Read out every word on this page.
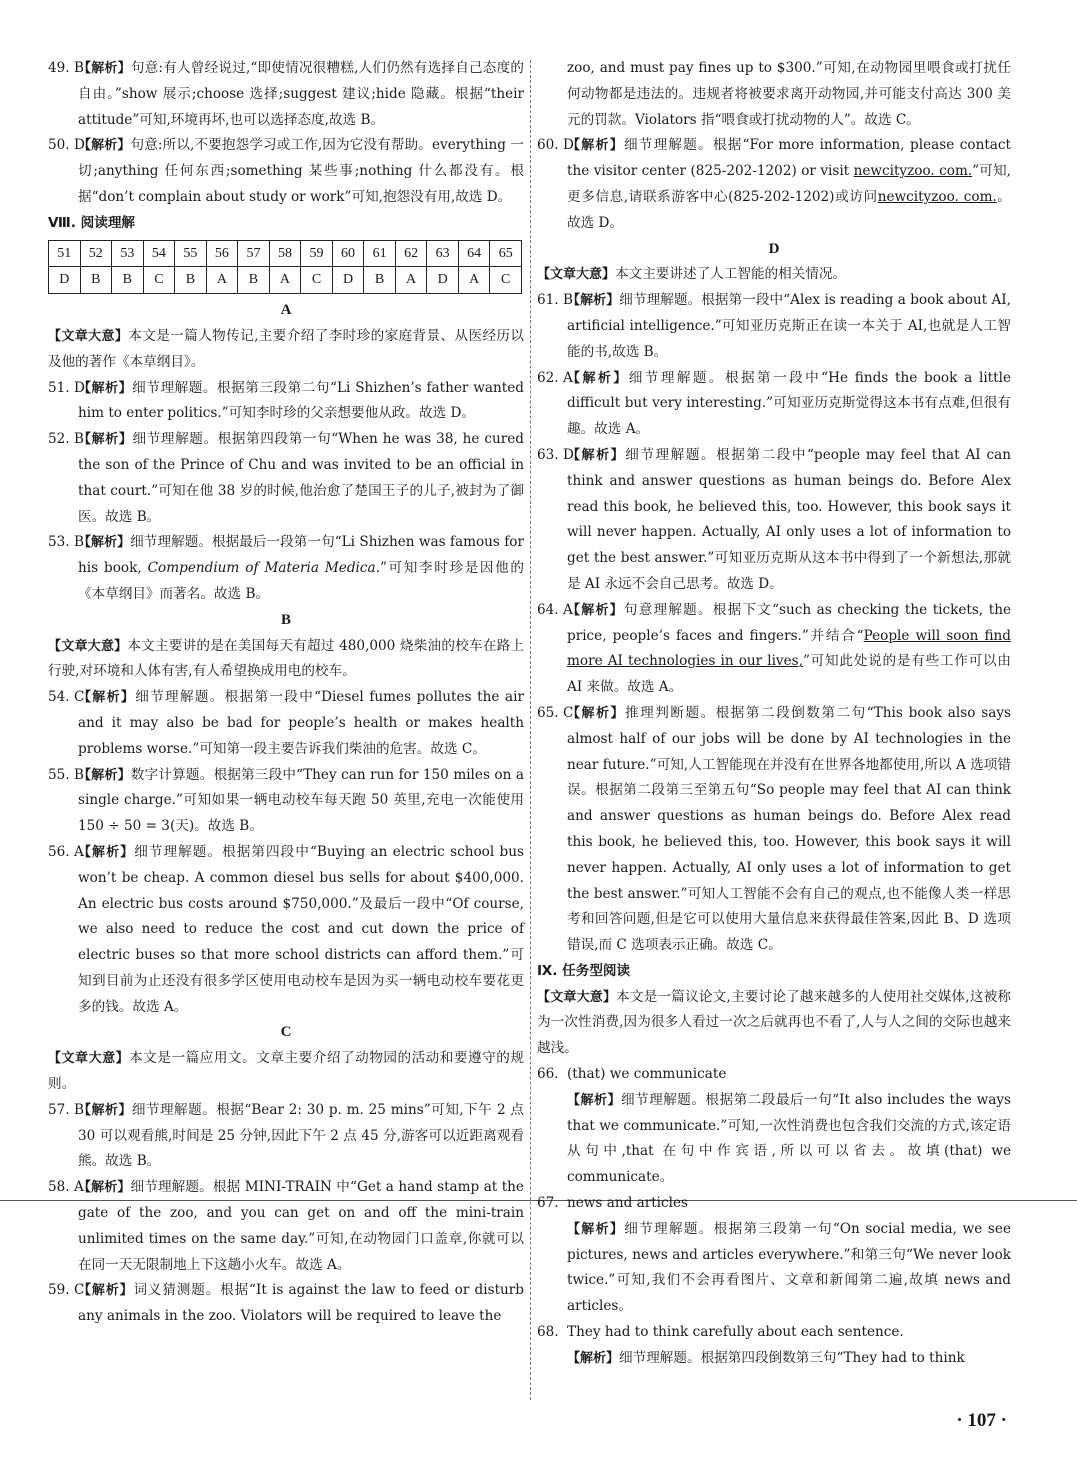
49. B
【解析】句意:有人曾经说过,“即使情况很糟糕,人们仍然有选择自己态度的自由。”show 展示;choose 选择;suggest 建议;hide 隐藏。根据“their attitude”可知,环境再坏,也可以选择态度,故选 B。
50. D
【解析】句意:所以,不要抱怨学习或工作,因为它没有帮助。everything 一切;anything 任何东西;something 某些事;nothing 什么都没有。根据“don’t complain about study or work”可知,抱怨没有用,故选 D。
Ⅷ. 阅读理解
51	52	53	54	55	56	57	58	59	60	61	62	63	64	65
D	B	B	C	B	A	B	A	C	D	B	A	D	A	C
A
【文章大意】本文是一篇人物传记,主要介绍了李时珍的家庭背景、从医经历以及他的著作《本草纲目》。
51. D
【解析】细节理解题。根据第三段第二句“Li Shizhen’s father wanted him to enter politics.”可知李时珍的父亲想要他从政。故选 D。
52. B
【解析】细节理解题。根据第四段第一句“When he was 38, he cured the son of the Prince of Chu and was invited to be an official in that court.”可知在他 38 岁的时候,他治愈了楚国王子的儿子,被封为了御医。故选 B。
53. B
【解析】细节理解题。根据最后一段第一句“Li Shizhen was famous for his book, Compendium of Materia Medica.”可知李时珍是因他的《本草纲目》而著名。故选 B。
B
【文章大意】本文主要讲的是在美国每天有超过 480,000 烧柴油的校车在路上行驶,对环境和人体有害,有人希望换成用电的校车。
54. C
【解析】细节理解题。根据第一段中“Diesel fumes pollutes the air and it may also be bad for people’s health or makes health problems worse.”可知第一段主要告诉我们柴油的危害。故选 C。
55. B
【解析】数字计算题。根据第三段中“They can run for 150 miles on a single charge.”可知如果一辆电动校车每天跑 50 英里,充电一次能使用 150 ÷ 50 = 3(天)。故选 B。
56. A
【解析】细节理解题。根据第四段中“Buying an electric school bus won’t be cheap. A common diesel bus sells for about $400,000. An electric bus costs around $750,000.”及最后一段中“Of course, we also need to reduce the cost and cut down the price of electric buses so that more school districts can afford them.”可知到目前为止还没有很多学区使用电动校车是因为买一辆电动校车要花更多的钱。故选 A。
C
【文章大意】本文是一篇应用文。文章主要介绍了动物园的活动和要遵守的规则。
57. B
【解析】细节理解题。根据“Bear 2: 30 p. m. 25 mins”可知,下午 2 点 30 可以观看熊,时间是 25 分钟,因此下午 2 点 45 分,游客可以近距离观看熊。故选 B。
58. A
【解析】细节理解题。根据 MINI-TRAIN 中“Get a hand stamp at the gate of the zoo, and you can get on and off the mini-train unlimited times on the same day.”可知,在动物园门口盖章,你就可以在同一天无限制地上下这趟小火车。故选 A。
59. C
【解析】词义猜测题。根据“It is against the law to feed or disturb any animals in the zoo. Violators will be required to leave the
zoo, and must pay fines up to $300.”可知,在动物园里喂食或打扰任何动物都是违法的。违规者将被要求离开动物园,并可能支付高达 300 美元的罚款。Violators 指“喂食或打扰动物的人”。故选 C。
60. D
【解析】细节理解题。根据“For more information, please contact the visitor center (825-202-1202) or visit newcityzoo. com.”可知,更多信息,请联系游客中心(825-202-1202)或访问newcityzoo. com.。故选 D。
D
【文章大意】本文主要讲述了人工智能的相关情况。
61. B
【解析】细节理解题。根据第一段中“Alex is reading a book about AI, artificial intelligence.”可知亚历克斯正在读一本关于 AI,也就是人工智能的书,故选 B。
62. A
【解析】细节理解题。根据第一段中“He finds the book a little difficult but very interesting.”可知亚历克斯觉得这本书有点难,但很有趣。故选 A。
63. D
【解析】细节理解题。根据第二段中“people may feel that AI can think and answer questions as human beings do. Before Alex read this book, he believed this, too. However, this book says it will never happen. Actually, AI only uses a lot of information to get the best answer.”可知亚历克斯从这本书中得到了一个新想法,那就是 AI 永远不会自己思考。故选 D。
64. A
【解析】句意理解题。根据下文“such as checking the tickets, the price, people’s faces and fingers.”并结合“People will soon find more AI technologies in our lives,”可知此处说的是有些工作可以由 AI 来做。故选 A。
65. C
【解析】推理判断题。根据第二段倒数第二句“This book also says almost half of our jobs will be done by AI technologies in the near future.”可知,人工智能现在并没有在世界各地都使用,所以 A 选项错误。根据第二段第三至第五句“So people may feel that AI can think and answer questions as human beings do. Before Alex read this book, he believed this, too. However, this book says it will never happen. Actually, AI only uses a lot of information to get the best answer.”可知人工智能不会有自己的观点,也不能像人类一样思考和回答问题,但是它可以使用大量信息来获得最佳答案,因此 B、D 选项错误,而 C 选项表示正确。故选 C。
Ⅸ. 任务型阅读
【文章大意】本文是一篇议论文,主要讨论了越来越多的人使用社交媒体,这被称为一次性消费,因为很多人看过一次之后就再也不看了,人与人之间的交际也越来越浅。
66. (that) we communicate
【解析】细节理解题。根据第二段最后一句“It also includes the ways that we communicate.”可知,一次性消费也包含我们交流的方式,该定语从句中,that 在句中作宾语,所以可以省去。故填(that) we communicate。
67. news and articles
【解析】细节理解题。根据第三段第一句“On social media, we see pictures, news and articles everywhere.”和第三句“We never look twice.”可知,我们不会再看图片、文章和新闻第二遍,故填 news and articles。
68. They had to think carefully about each sentence.
【解析】细节理解题。根据第四段倒数第三句“They had to think
· 107 ·
